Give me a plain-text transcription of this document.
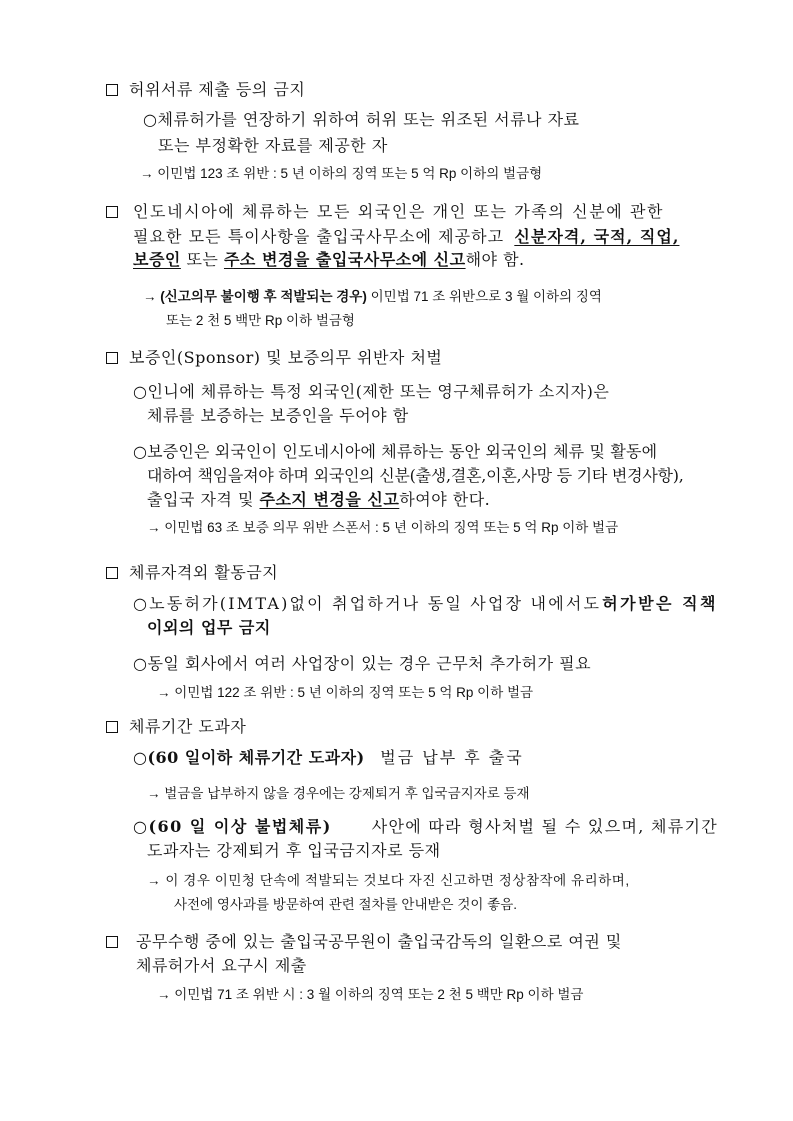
허위서류 제출 등의 금지
○체류허가를 연장하기 위하여 허위 또는 위조된 서류나 자료
또는 부정확한 자료를 제공한 자
→ 이민법 123 조 위반 : 5 년 이하의 징역 또는 5 억 Rp 이하의 벌금형
인도네시아에 체류하는 모든 외국인은 개인 또는 가족의 신분에 관한
필요한 모든 특이사항을 출입국사무소에 제공하고 신분자격, 국적, 직업,
보증인 또는 주소 변경을 출입국사무소에 신고해야 함.
→ (신고의무 불이행 후 적발되는 경우) 이민법 71 조 위반으로 3 월 이하의 징역
또는 2 천 5 백만 Rp 이하 벌금형
보증인(Sponsor) 및 보증의무 위반자 처벌
○인니에 체류하는 특정 외국인(제한 또는 영구체류허가 소지자)은
체류를 보증하는 보증인을 두어야 함
○보증인은 외국인이 인도네시아에 체류하는 동안 외국인의 체류 및 활동에
대하여 책임을져야 하며 외국인의 신분(출생,결혼,이혼,사망 등 기타 변경사항),
출입국 자격 및 주소지 변경을 신고하여야 한다.
→ 이민법 63 조 보증 의무 위반 스폰서 : 5 년 이하의 징역 또는 5 억 Rp 이하 벌금
체류자격외 활동금지
○노동허가(IMTA)없이 취업하거나 동일 사업장 내에서도 허가받은 직책
이외의 업무 금지
○동일 회사에서 여러 사업장이 있는 경우 근무처 추가허가 필요
→ 이민법 122 조 위반 : 5 년 이하의 징역 또는 5 억 Rp 이하 벌금
체류기간 도과자
○(60 일이하 체류기간 도과자) 벌금 납부 후 출국
→ 벌금을 납부하지 않을 경우에는 강제퇴거 후 입국금지자로 등재
○(60 일 이상 불법체류) 사안에 따라 형사처벌 될 수 있으며, 체류기간
도과자는 강제퇴거 후 입국금지자로 등재
→ 이 경우 이민청 단속에 적발되는 것보다 자진 신고하면 정상참작에 유리하며,
사전에 영사과를 방문하여 관련 절차를 안내받은 것이 좋음.
공무수행 중에 있는 출입국공무원이 출입국감독의 일환으로 여권 및
체류허가서 요구시 제출
→ 이민법 71 조 위반 시 : 3 월 이하의 징역 또는 2 천 5 백만 Rp 이하 벌금
